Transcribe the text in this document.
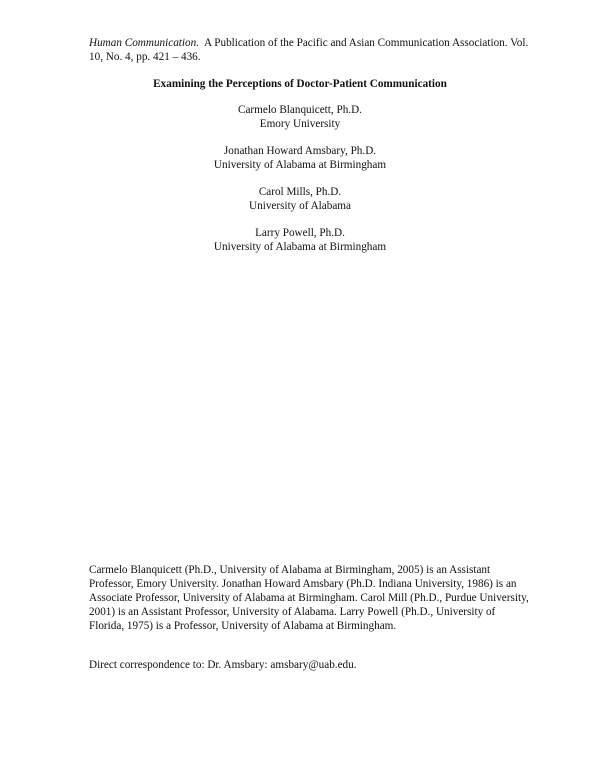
Human Communication. A Publication of the Pacific and Asian Communication Association. Vol. 10, No. 4, pp. 421 – 436.
Examining the Perceptions of Doctor-Patient Communication
Carmelo Blanquicett, Ph.D.
Emory University
Jonathan Howard Amsbary, Ph.D.
University of Alabama at Birmingham
Carol Mills, Ph.D.
University of Alabama
Larry Powell, Ph.D.
University of Alabama at Birmingham
Carmelo Blanquicett (Ph.D., University of Alabama at Birmingham, 2005) is an Assistant Professor, Emory University. Jonathan Howard Amsbary (Ph.D. Indiana University, 1986) is an Associate Professor, University of Alabama at Birmingham. Carol Mill (Ph.D., Purdue University, 2001) is an Assistant Professor, University of Alabama. Larry Powell (Ph.D., University of Florida, 1975) is a Professor, University of Alabama at Birmingham.
Direct correspondence to: Dr. Amsbary: amsbary@uab.edu.
